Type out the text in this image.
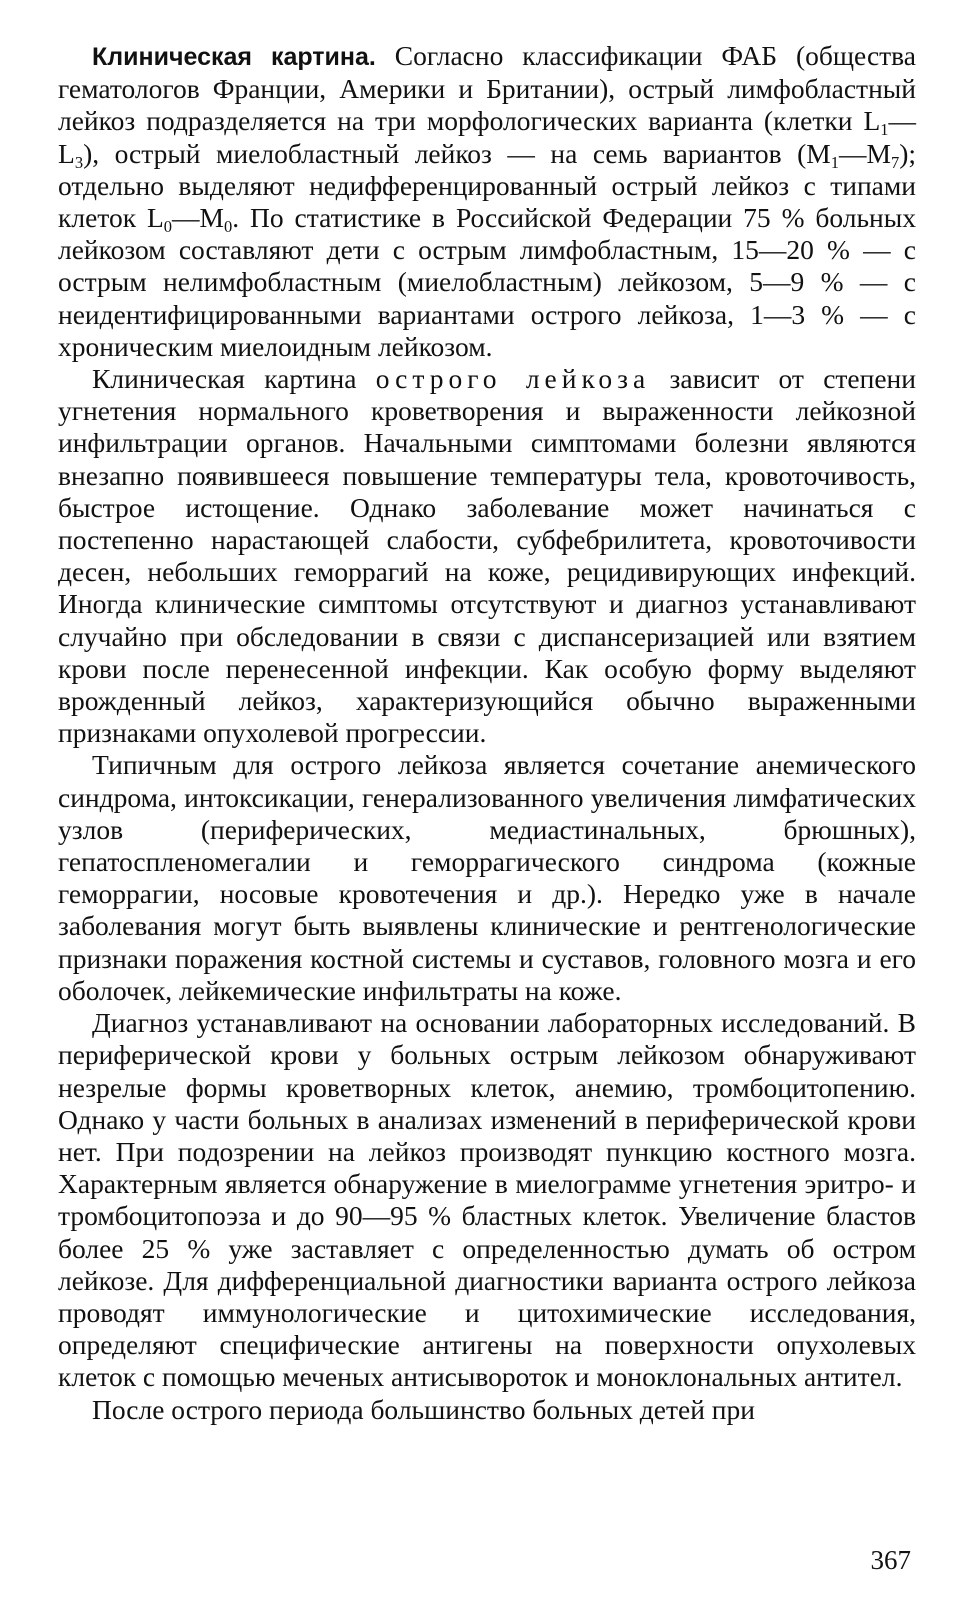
Клиническая картина. Согласно классификации ФАБ (общества гематологов Франции, Америки и Британии), острый лимфобластный лейкоз подразделяется на три морфологических варианта (клетки $L_1—L_3$), острый миелобластный лейкоз — на семь вариантов $(M_1—M_7)$; отдельно выделяют недифференцированный острый лейкоз с типами клеток $L_0—M_0$. По статистике в Российской Федерации 75 % больных лейкозом составляют дети с острым лимфобластным, 15—20 % — с острым нелимфобластным (миелобластным) лейкозом, 5—9 % — с неидентифицированными вариантами острого лейкоза, 1—3 % — с хроническим миелоидным лейкозом.

Клиническая картина острого лейкоза зависит от степени угнетения нормального кроветворения и выраженности лейкозной инфильтрации органов. Начальными симптомами болезни являются внезапно появившееся повышение температуры тела, кровоточивость, быстрое истощение. Однако заболевание может начинаться с постепенно нарастающей слабости, субфебрилитета, кровоточивости десен, небольших геморрагий на коже, рецидивирующих инфекций. Иногда клинические симптомы отсутствуют и диагноз устанавливают случайно при обследовании в связи с диспансеризацией или взятием крови после перенесенной инфекции. Как особую форму выделяют врожденный лейкоз, характеризующийся обычно выраженными признаками опухолевой прогрессии.

Типичным для острого лейкоза является сочетание анемического синдрома, интоксикации, генерализованного увеличения лимфатических узлов (периферических, медиастинальных, брюшных), гепатоспленомегалии и геморрагического синдрома (кожные геморрагии, носовые кровотечения и др.). Нередко уже в начале заболевания могут быть выявлены клинические и рентгенологические признаки поражения костной системы и суставов, головного мозга и его оболочек, лейкемические инфильтраты на коже.

Диагноз устанавливают на основании лабораторных исследований. В периферической крови у больных острым лейкозом обнаруживают незрелые формы кроветворных клеток, анемию, тромбоцитопению. Однако у части больных в анализах изменений в периферической крови нет. При подозрении на лейкоз производят пункцию костного мозга. Характерным является обнаружение в миелограмме угнетения эритро- и тромбоцитопоэза и до 90—95 % бластных клеток. Увеличение бластов более 25 % уже заставляет с определенностью думать об остром лейкозе. Для дифференциальной диагностики варианта острого лейкоза проводят иммунологические и цитохимические исследования, определяют специфические антигены на поверхности опухолевых клеток с помощью меченых антисывороток и моноклональных антител.

После острого периода большинство больных детей при

367
